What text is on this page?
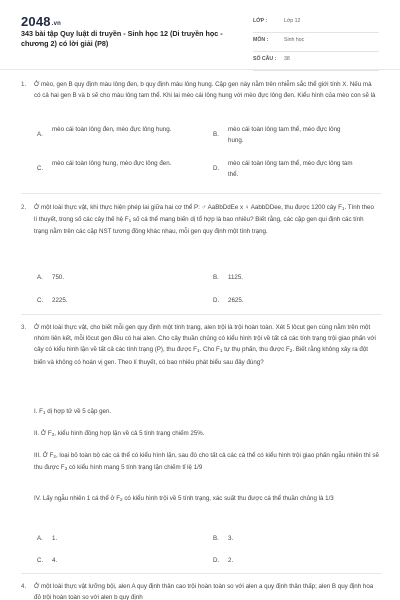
2048.vn
343 bài tập Quy luật di truyền - Sinh học 12 (Di truyền học - chương 2) có lời giải (P8)
LỚP :	Lớp 12
MÔN :	Sinh học
SỐ CÂU : 38
1. Ở mèo, gen B quy định màu lông đen, b quy định màu lông hung. Cặp gen này nằm trên nhiễm sắc thể giới tính X. Nếu mà có cả hai gen B và b sẽ cho màu lông tam thể. Khi lai mèo cái lông hung với mèo đực lông đen. Kiểu hình của mèo con sẽ là
A.
mèo cái toàn lông đen, mèo đực lông hung.
B.
mèo cái toàn lông tam thể, mèo đực lông hung.
C.
mèo cái toàn lông hung, mèo đực lông đen.
D.
mèo cái toàn lông tam thể, mèo đực lông tam thể.
2. Ở một loài thực vật, khi thực hiện phép lai giữa hai cơ thể P: ♂ AaBbDdEe x ♀ AabbDDee, thu được 1200 cây $F_1$. Tính theo lí thuyết, trong số các cây thế hệ $F_1$ số cá thể mang biến dị tổ hợp là bao nhiêu? Biết rằng, các cặp gen qui định các tính trạng nằm trên các cặp NST tương đồng khác nhau, mỗi gen quy định một tính trạng.
A. 750.	B. 1125.
C. 2225.	D. 2625.
3. Ở một loài thực vật, cho biết mỗi gen quy định một tính trạng, alen trội là trội hoàn toàn. Xét 5 lôcut gen cùng nằm trên một nhóm liên kết, mỗi lôcut gen đều có hai alen. Cho cây thuần chủng có kiểu hình trội về tất cả các tính trạng trội giao phấn với cây có kiểu hình lặn về tất cả các tính trạng (P), thu được $F_1$. Cho $F_1$ tự thụ phấn, thu được $F_2$. Biết rằng không xảy ra đột biến và không có hoán vị gen. Theo lí thuyết, có bao nhiêu phát biểu sau đây đúng?
I. $F_1$ dị hợp tử về 5 cặp gen.
II. Ở $F_2$, kiểu hình đồng hợp lặn về cả 5 tính trạng chiếm 25%.
III. Ở $F_2$, loại bỏ toàn bộ các cá thể có kiểu hình lặn, sau đó cho tất cả các cá thể có kiểu hình trội giao phấn ngẫu nhiên thì sẽ thu được $F_3$ có kiểu hình mang 5 tính trạng lặn chiếm tỉ lệ 1/9
IV. Lấy ngẫu nhiên 1 cá thể ở $F_2$ có kiểu hình trội về 5 tính trạng, xác suất thu được cá thể thuần chủng là 1/3
A. 1.	B. 3.
C. 4.	D. 2.
4. Ở một loài thực vật lưỡng bội, alen A quy định thân cao trội hoàn toàn so với alen a quy định thân thấp; alen B quy định hoa đỏ trội hoàn toàn so với alen b quy định
